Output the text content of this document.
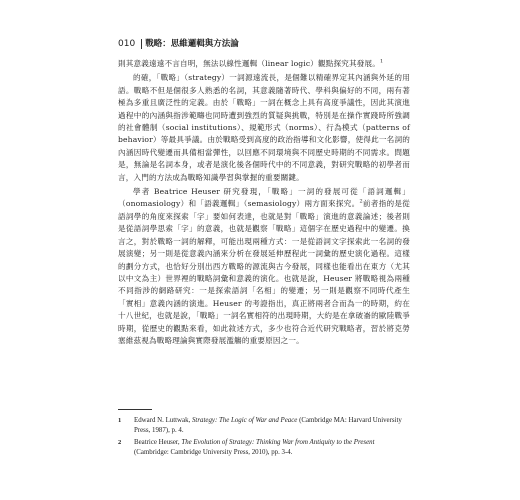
010 戰略：思維邏輯與方法論

則其意義遠遠不言自明，無法以線性邏輯（linear logic）觀點探究其發展。$^1$

的確，「戰略」（strategy）一詞源遠流長，是個難以精確界定其內涵與外延的用語。戰略不但是個很多人熟悉的名詞，其意義隨著時代、學科與偏好的不同，兩有著極為多重且廣泛性的定義。由於「戰略」一詞在概念上具有高度爭議性，因此其演進過程中的內涵與指涉範疇也同時遭到強烈的質疑與挑戰，特別是在操作實踐時所強調的社會體制（social institutions）、規範形式（norms）、行為模式（patterns of behavior）等最具爭議。由於戰略受到高度的政治指導和文化影響，使得此一名詞的內涵因時代變遷而具備相當彈性，以回應不同環境與不同歷史時期的不同需求。問題是，無論是名詞本身，或者是演化後各個時代中的不同意義，對研究戰略的初學者而言，入門的方法成為戰略知識學習與掌握的重要關鍵。

學者 Beatrice Heuser 研究發現，「戰略」一詞的發展可從「語詞邏輯」（onomasiology）和「語義邏輯」（semasiology）兩方面來探究。$^2$前者指的是從語詞學的角度來探索「字」要如何表達，也就是對「戰略」演進的意義論述；後者則是從語詞學思索「字」的意義，也就是觀察「戰略」這個字在歷史過程中的變遷。換言之，對於戰略一詞的解釋，可能出現兩種方式：一是從語詞文字探索此一名詞的發展演變；另一則是從意義內涵來分析在發展延伸歷程此一詞彙的歷史演化過程。這樣的劃分方式，也恰好分別出西方戰略的源流與古今發展，同樣也能看出在東方（尤其以中文為主）世界裡的戰略詞彙和意義的演化。也就是說，Heuser 將戰略視為兩種不同指涉的網路研究：一是探索語詞「名相」的變遷；另一則是觀察不同時代產生「實相」意義內涵的演進。Heuser 的考證指出，真正將兩者合而為一的時期，約在十八世紀，也就是說，「戰略」一詞名實相符的出現時期，大約是在拿破崙的歐陸戰爭時期，從歷史的觀點來看，如此敘述方式，多少也符合近代研究戰略者，習於將克勞塞維茲視為戰略理論與實際發展濫觴的重要原因之一。

1	Edward N. Luttwak, Strategy: The Logic of War and Peace (Cambridge MA: Harvard University Press, 1987), p. 4.
2	Beatrice Heuser, The Evolution of Strategy: Thinking War from Antiquity to the Present (Cambridge: Cambridge University Press, 2010), pp. 3-4.
